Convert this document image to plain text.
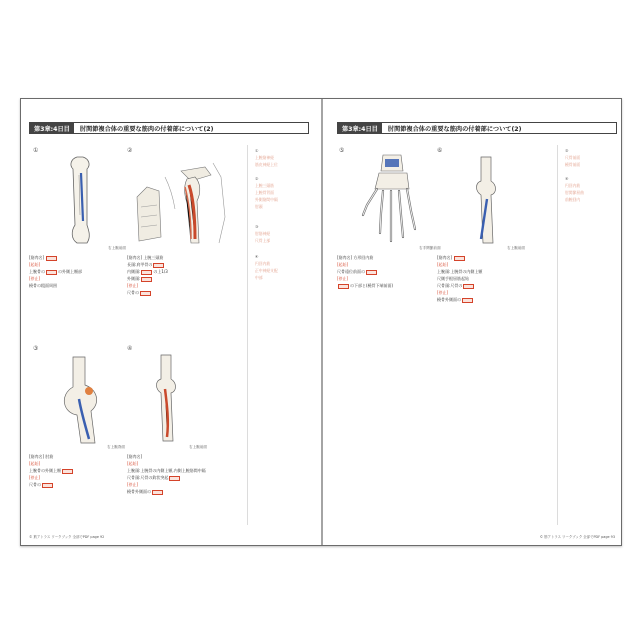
第3章:4日目	肘関節複合体の重要な筋肉の付着部について(2)
①
右上腕前面
[筋肉名]
[起始]
上腕骨の	の外側上顆部
[停止]
橈骨の粗面周囲
②
[筋肉名] 上腕三頭筋
長頭:肩甲骨の
内側頭:	の上1/3
外側頭:
[停止]
尺骨の
③
右上腕背面
[筋肉名] 肘筋
[起始]
上腕骨の外側上顆
[停止]
尺骨の
④
右上腕前面
[筋肉名]
[起始]
上腕頭:上腕骨の内側上顆,内側上腕筋間中隔
尺骨頭:尺骨の鈎状突起
[停止]
橈骨外側面の
①
上腕筋神経
筋皮神経上位
②
上腕三頭筋
上腕骨背面
外側筋間中隔
肘頭
③
肘筋神経
尺骨上部
④
円回内筋
正中神経支配
中部
© 筋アトラス ワークブック 全部でPDF page 92
第3章:4日目	肘関節複合体の重要な筋肉の付着部について(2)
⑤
右手関節前面
[筋肉名] 方形回内筋
[起始]
尺骨遠位前面の
[停止]
の下部と(橈骨下端前面)
⑥
右上腕前面
[筋肉名]
[起始]
上腕頭:上腕骨の内側上顆
尺側手根屈筋起始
尺骨頭:尺骨の
[停止]
橈骨外側面の
⑤
尺骨前面
橈骨前面
⑥
円回内筋
肘関節屈曲
前腕回内
© 筋アトラス ワークブック 全部でPDF page 93
